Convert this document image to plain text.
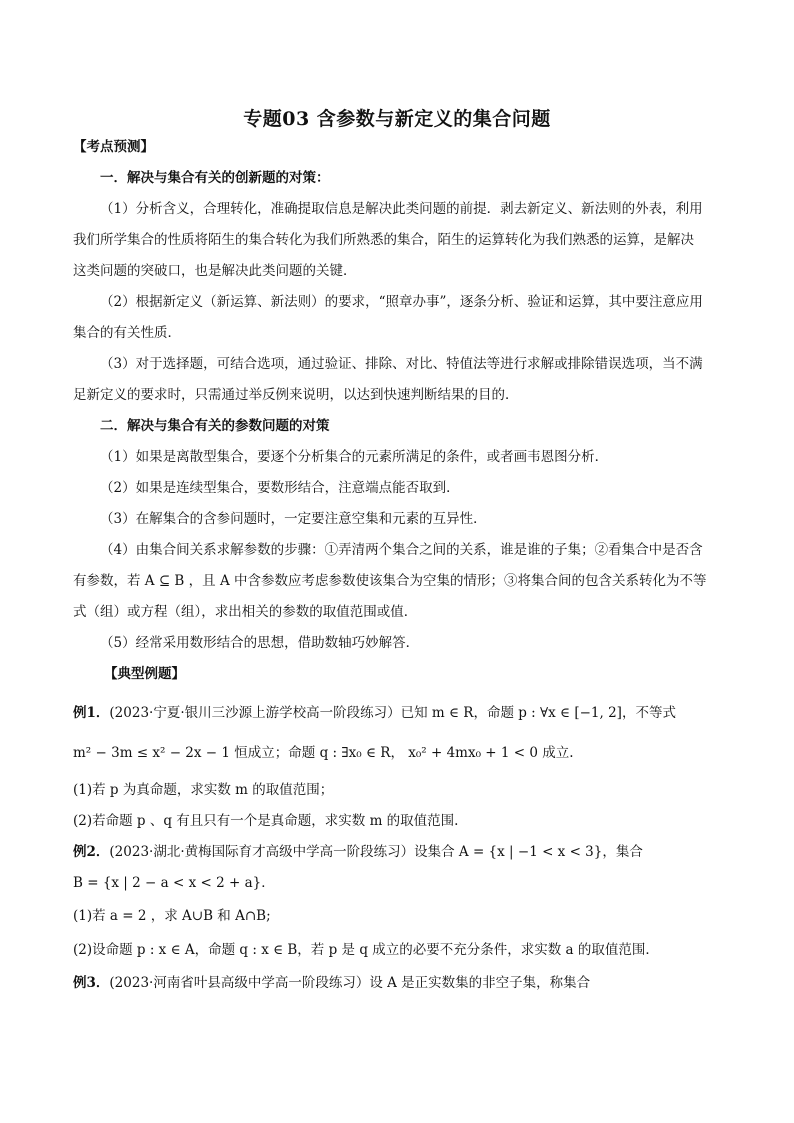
专题03 含参数与新定义的集合问题
【考点预测】
一．解决与集合有关的创新题的对策：
（1）分析含义，合理转化，准确提取信息是解决此类问题的前提．剥去新定义、新法则的外表，利用
我们所学集合的性质将陌生的集合转化为我们所熟悉的集合，陌生的运算转化为我们熟悉的运算，是解决
这类问题的突破口，也是解决此类问题的关键．
（2）根据新定义（新运算、新法则）的要求，“照章办事”，逐条分析、验证和运算，其中要注意应用
集合的有关性质．
（3）对于选择题，可结合选项，通过验证、排除、对比、特值法等进行求解或排除错误选项，当不满
足新定义的要求时，只需通过举反例来说明，以达到快速判断结果的目的．
二．解决与集合有关的参数问题的对策
（1）如果是离散型集合，要逐个分析集合的元素所满足的条件，或者画韦恩图分析．
（2）如果是连续型集合，要数形结合，注意端点能否取到．
（3）在解集合的含参问题时，一定要注意空集和元素的互异性．
（4）由集合间关系求解参数的步骤：①弄清两个集合之间的关系，谁是谁的子集；②看集合中是否含
有参数，若 A ⊆ B ，且 A 中含参数应考虑参数使该集合为空集的情形；③将集合间的包含关系转化为不等
式（组）或方程（组），求出相关的参数的取值范围或值．
（5）经常采用数形结合的思想，借助数轴巧妙解答．
【典型例题】
例1．(2023·宁夏·银川三沙源上游学校高一阶段练习）已知 m ∈ R，命题 p : ∀x ∈ [−1, 2]，不等式
m² − 3m ≤ x² − 2x − 1 恒成立；命题 q : ∃x₀ ∈ R， x₀² + 4mx₀ + 1 < 0 成立.
(1)若 p 为真命题，求实数 m 的取值范围；
(2)若命题 p 、q 有且只有一个是真命题，求实数 m 的取值范围.
例2．(2023·湖北·黄梅国际育才高级中学高一阶段练习）设集合 A = {x | −1 < x < 3}，集合
B = {x | 2 − a < x < 2 + a}．
(1)若 a = 2 ，求 A∪B 和 A∩B;
(2)设命题 p : x ∈ A，命题 q : x ∈ B，若 p 是 q 成立的必要不充分条件，求实数 a 的取值范围．
例3．(2023·河南省叶县高级中学高一阶段练习）设 A 是正实数集的非空子集，称集合
